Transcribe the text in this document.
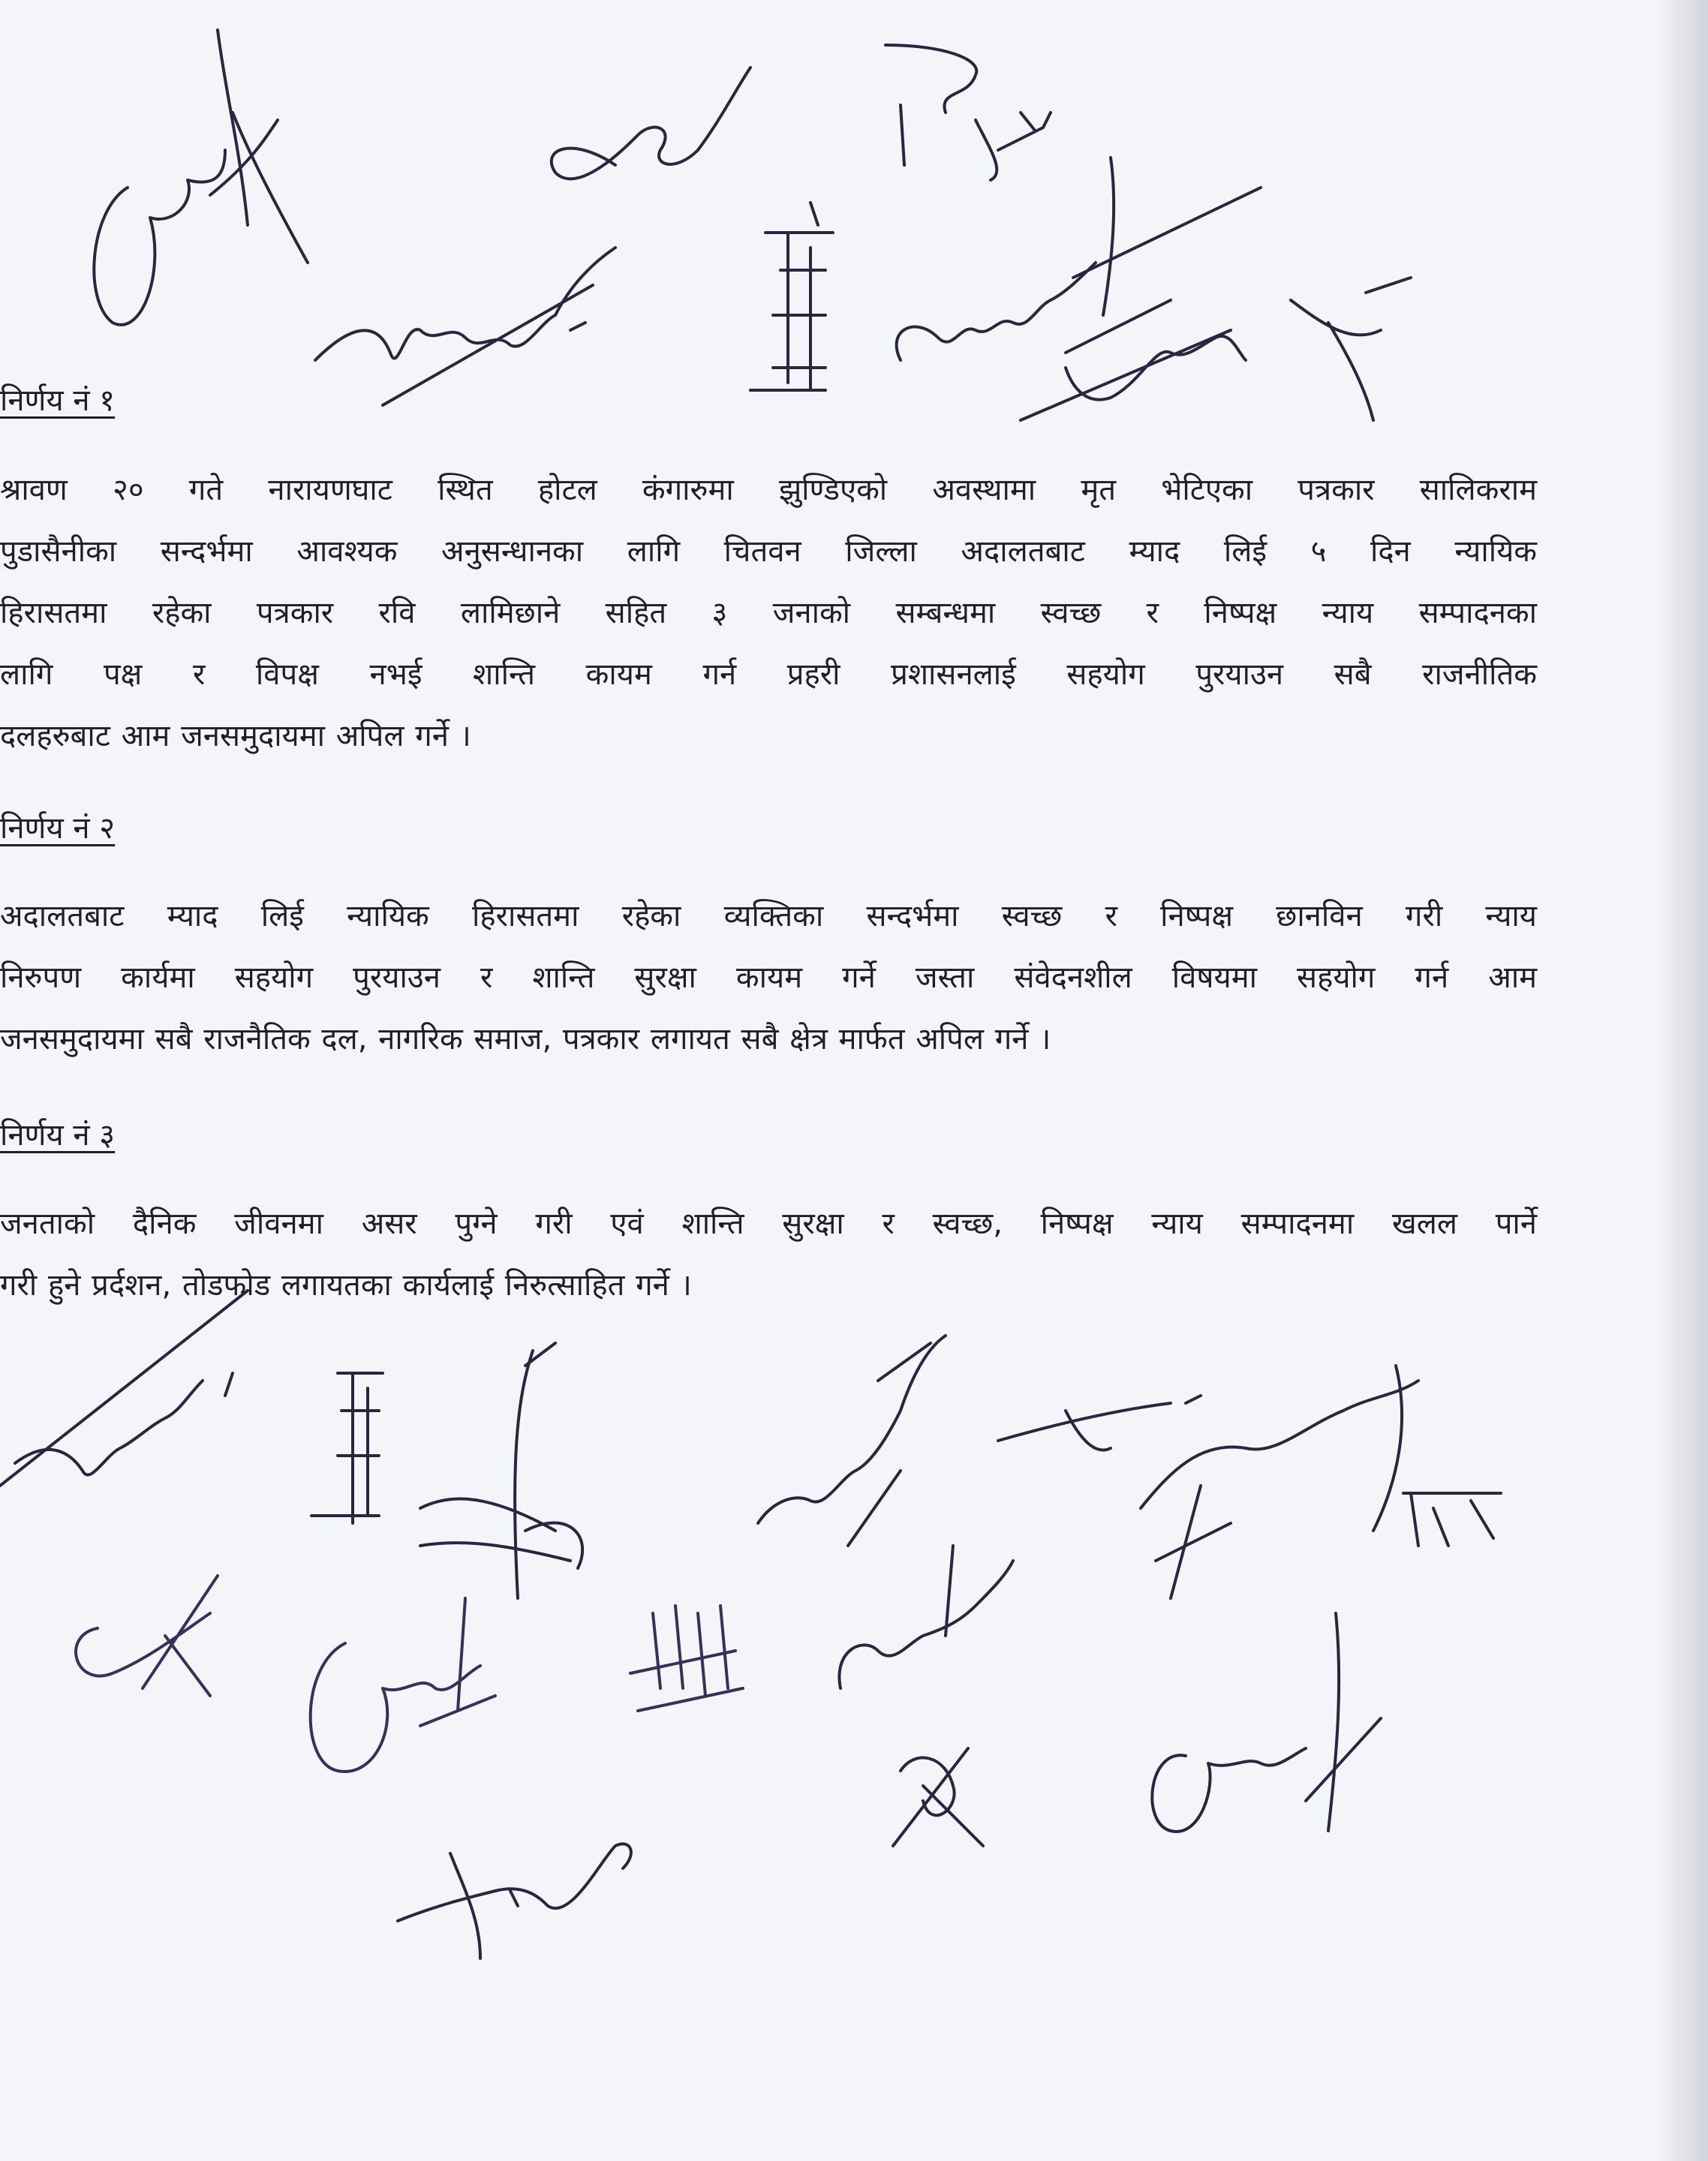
निर्णय नं १

श्रावण २० गते नारायणघाट स्थित होटल कंगारुमा झुण्डिएको अवस्थामा मृत भेटिएका पत्रकार सालिकराम
पुडासैनीका सन्दर्भमा आवश्यक अनुसन्धानका लागि चितवन जिल्ला अदालतबाट म्याद लिई ५ दिन न्यायिक
हिरासतमा रहेका पत्रकार रवि लामिछाने सहित ३ जनाको सम्बन्धमा स्वच्छ र निष्पक्ष न्याय सम्पादनका
लागि पक्ष र विपक्ष नभई शान्ति कायम गर्न प्रहरी प्रशासनलाई सहयोग पुरयाउन सबै राजनीतिक
दलहरुबाट आम जनसमुदायमा अपिल गर्ने ।

निर्णय नं २

अदालतबाट म्याद लिई न्यायिक हिरासतमा रहेका व्यक्तिका सन्दर्भमा स्वच्छ र निष्पक्ष छानविन गरी न्याय
निरुपण कार्यमा सहयोग पुरयाउन र शान्ति सुरक्षा कायम गर्ने जस्ता संवेदनशील विषयमा सहयोग गर्न आम
जनसमुदायमा सबै राजनैतिक दल, नागरिक समाज, पत्रकार लगायत सबै क्षेत्र मार्फत अपिल गर्ने ।

निर्णय नं ३

जनताको दैनिक जीवनमा असर पुग्ने गरी एवं शान्ति सुरक्षा र स्वच्छ, निष्पक्ष न्याय सम्पादनमा खलल पार्ने
गरी हुने प्रर्दशन, तोडफोड लगायतका कार्यलाई निरुत्साहित गर्ने ।
